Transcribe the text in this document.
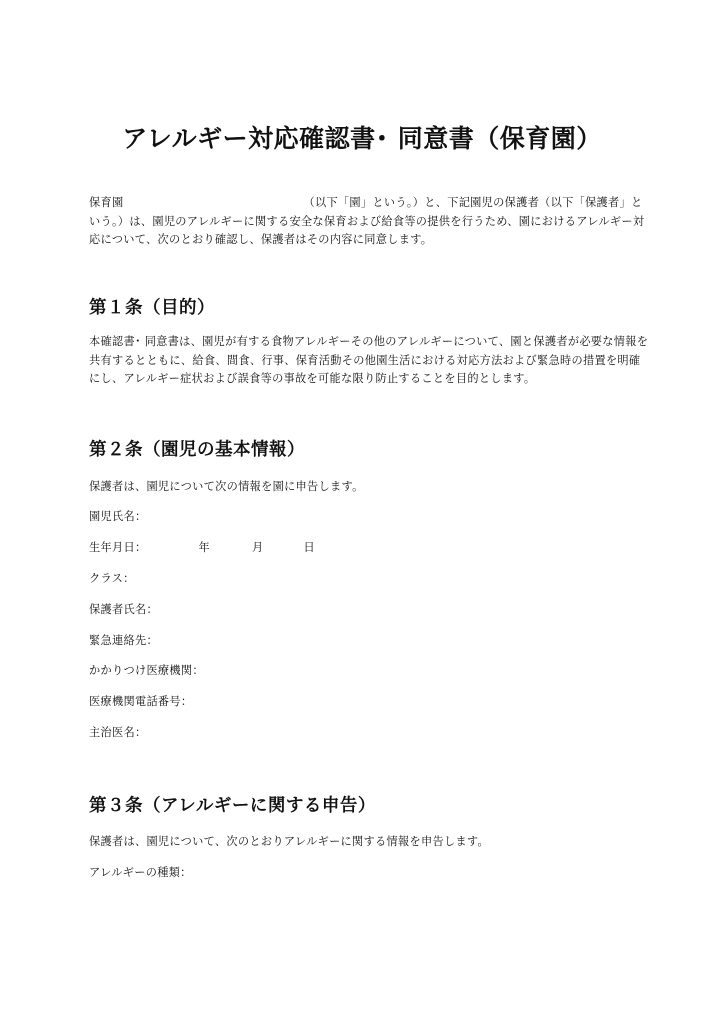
アレルギー対応確認書･ 同意書（保育園）

保育園	（以下「園」という。）と、下記園児の保護者（以下「保護者」という。）は、園児のアレルギーに関する安全な保育および給食等の提供を行うため、園におけるアレルギー対応について、次のとおり確認し、保護者はその内容に同意します。

第１条（目的）

本確認書･ 同意書は、園児が有する食物アレルギーその他のアレルギーについて、園と保護者が必要な情報を共有するとともに、給食、間食、行事、保育活動その他園生活における対応方法および緊急時の措置を明確にし、アレルギー症状および誤食等の事故を可能な限り防止することを目的とします。

第２条（園児の基本情報）

保護者は、園児について次の情報を園に申告します。

園児氏名：

生年月日：	年	月	日

クラス：

保護者氏名：

緊急連絡先：

かかりつけ医療機関：

医療機関電話番号：

主治医名：

第３条（アレルギーに関する申告）

保護者は、園児について、次のとおりアレルギーに関する情報を申告します。

アレルギーの種類：
